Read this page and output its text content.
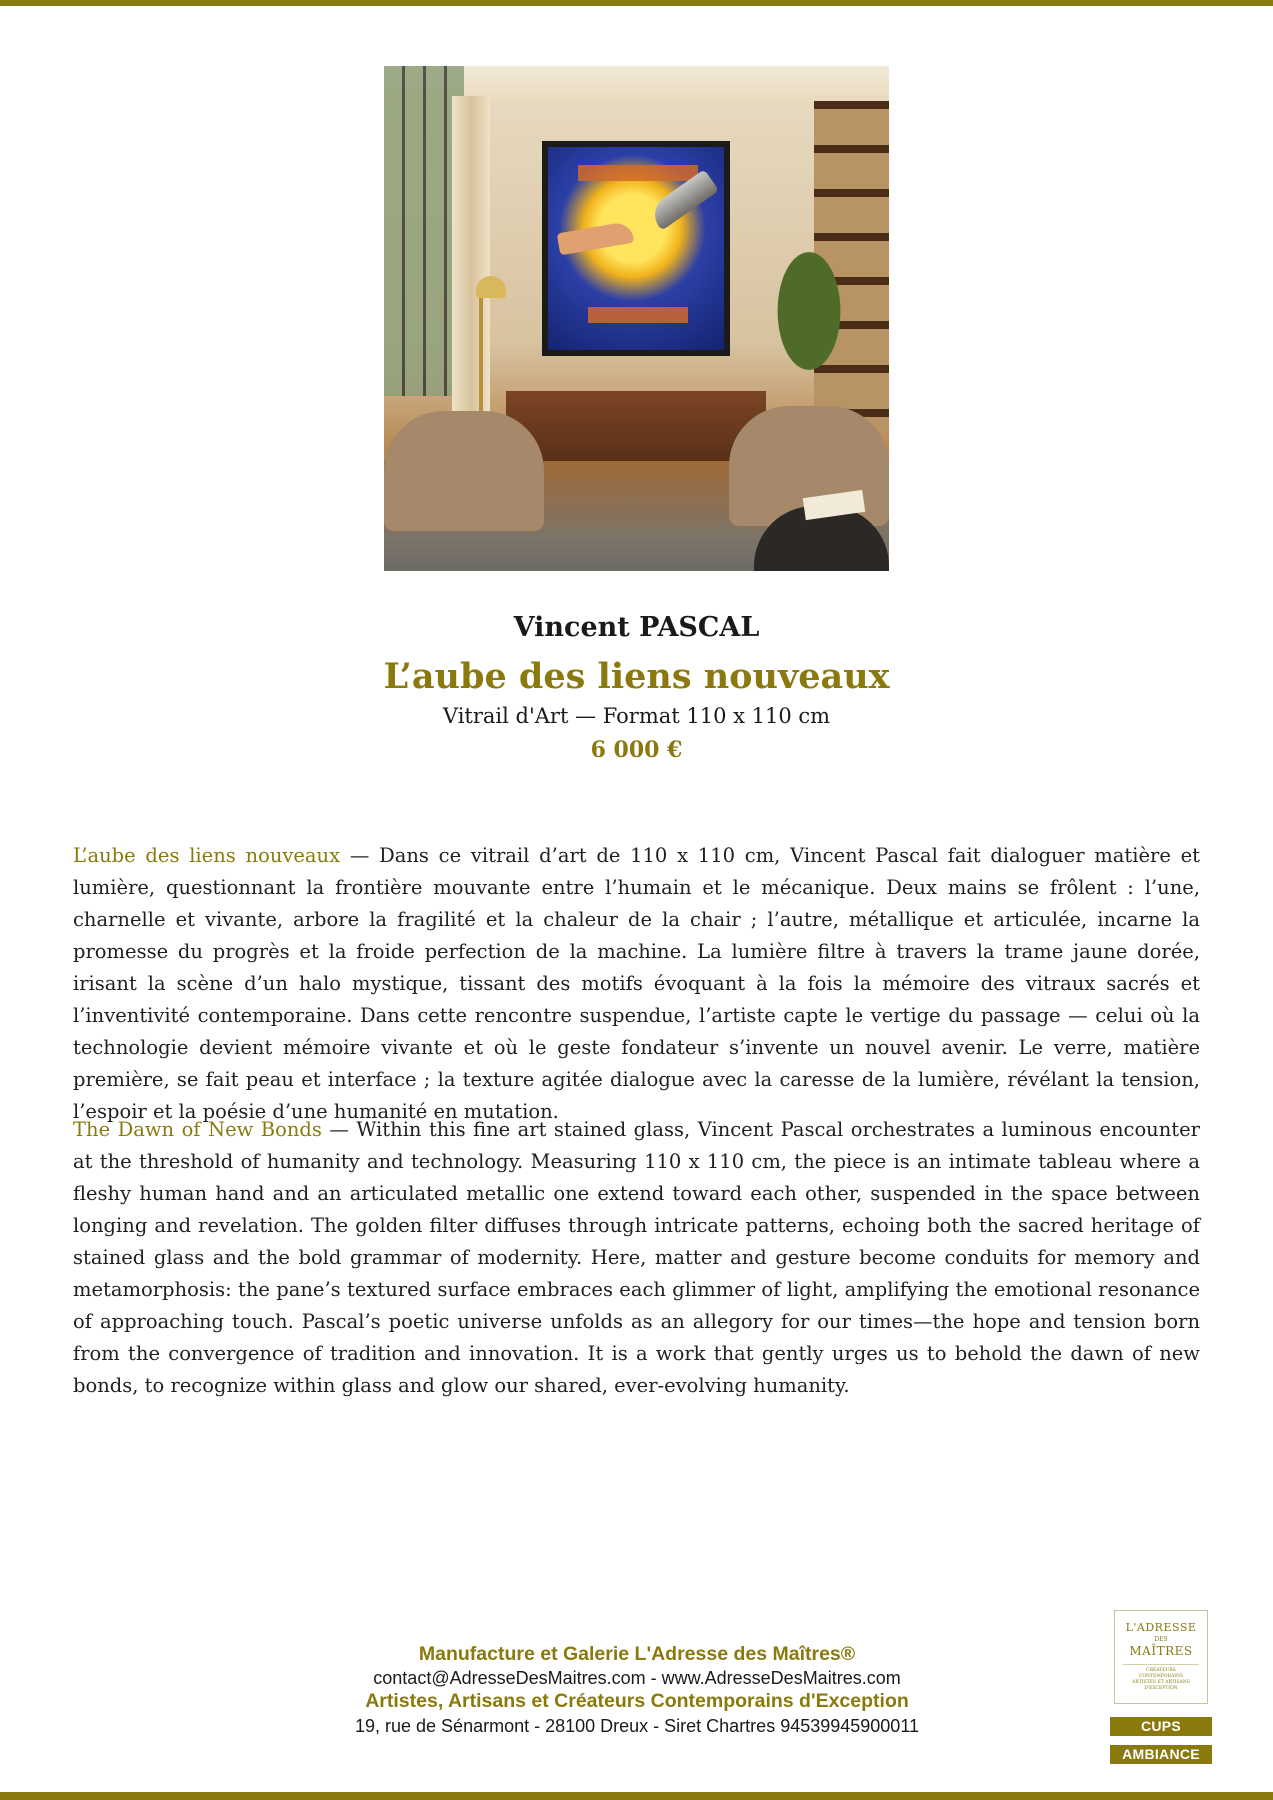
Vincent PASCAL
L’aube des liens nouveaux
Vitrail d'Art — Format 110 x 110 cm
6 000 €

L’aube des liens nouveaux — Dans ce vitrail d’art de 110 x 110 cm, Vincent Pascal fait dialoguer matière et lumière, questionnant la frontière mouvante entre l’humain et le mécanique. Deux mains se frôlent : l’une, charnelle et vivante, arbore la fragilité et la chaleur de la chair ; l’autre, métallique et articulée, incarne la promesse du progrès et la froide perfection de la machine. La lumière filtre à travers la trame jaune dorée, irisant la scène d’un halo mystique, tissant des motifs évoquant à la fois la mémoire des vitraux sacrés et l’inventivité contemporaine. Dans cette rencontre suspendue, l’artiste capte le vertige du passage — celui où la technologie devient mémoire vivante et où le geste fondateur s’invente un nouvel avenir. Le verre, matière première, se fait peau et interface ; la texture agitée dialogue avec la caresse de la lumière, révélant la tension, l’espoir et la poésie d’une humanité en mutation.

The Dawn of New Bonds — Within this fine art stained glass, Vincent Pascal orchestrates a luminous encounter at the threshold of humanity and technology. Measuring 110 x 110 cm, the piece is an intimate tableau where a fleshy human hand and an articulated metallic one extend toward each other, suspended in the space between longing and revelation. The golden filter diffuses through intricate patterns, echoing both the sacred heritage of stained glass and the bold grammar of modernity. Here, matter and gesture become conduits for memory and metamorphosis: the pane’s textured surface embraces each glimmer of light, amplifying the emotional resonance of approaching touch. Pascal’s poetic universe unfolds as an allegory for our times—the hope and tension born from the convergence of tradition and innovation. It is a work that gently urges us to behold the dawn of new bonds, to recognize within glass and glow our shared, ever-evolving humanity.

Manufacture et Galerie L'Adresse des Maîtres®
contact@AdresseDesMaitres.com - www.AdresseDesMaitres.com
Artistes, Artisans et Créateurs Contemporains d'Exception
19, rue de Sénarmont - 28100 Dreux - Siret Chartres 94539945900011
L'ADRESSE
DES
MAÎTRES
CRÉATEURS CONTEMPORAINS ARTISTES ET ARTISANS D'EXCEPTION
CUPS
AMBIANCE
